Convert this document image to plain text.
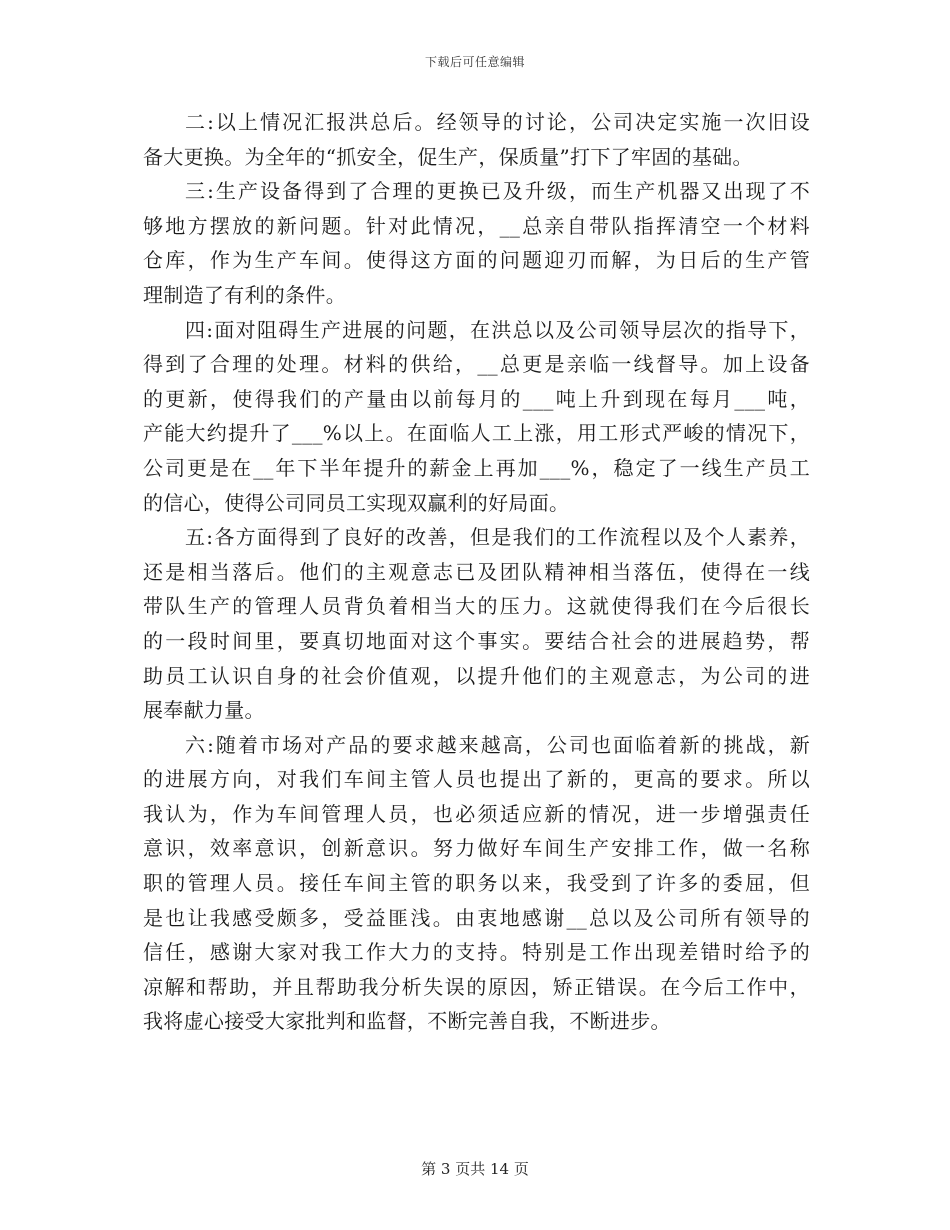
下载后可任意编辑
二:以上情况汇报洪总后。经领导的讨论，公司决定实施一次旧设
备大更换。为全年的“抓安全，促生产，保质量”打下了牢固的基础。
三:生产设备得到了合理的更换已及升级，而生产机器又出现了不
够地方摆放的新问题。针对此情况，__总亲自带队指挥清空一个材料
仓库，作为生产车间。使得这方面的问题迎刃而解，为日后的生产管
理制造了有利的条件。
四:面对阻碍生产进展的问题，在洪总以及公司领导层次的指导下，
得到了合理的处理。材料的供给，__总更是亲临一线督导。加上设备
的更新，使得我们的产量由以前每月的___吨上升到现在每月___吨，
产能大约提升了___%以上。在面临人工上涨，用工形式严峻的情况下，
公司更是在__年下半年提升的薪金上再加___%，稳定了一线生产员工
的信心，使得公司同员工实现双赢利的好局面。
五:各方面得到了良好的改善，但是我们的工作流程以及个人素养，
还是相当落后。他们的主观意志已及团队精神相当落伍，使得在一线
带队生产的管理人员背负着相当大的压力。这就使得我们在今后很长
的一段时间里，要真切地面对这个事实。要结合社会的进展趋势，帮
助员工认识自身的社会价值观，以提升他们的主观意志，为公司的进
展奉献力量。
六:随着市场对产品的要求越来越高，公司也面临着新的挑战，新
的进展方向，对我们车间主管人员也提出了新的，更高的要求。所以
我认为，作为车间管理人员，也必须适应新的情况，进一步增强责任
意识，效率意识，创新意识。努力做好车间生产安排工作，做一名称
职的管理人员。接任车间主管的职务以来，我受到了许多的委屈，但
是也让我感受颇多，受益匪浅。由衷地感谢__总以及公司所有领导的
信任，感谢大家对我工作大力的支持。特别是工作出现差错时给予的
凉解和帮助，并且帮助我分析失误的原因，矫正错误。在今后工作中，
我将虚心接受大家批判和监督，不断完善自我，不断进步。
第 3 页共 14 页
